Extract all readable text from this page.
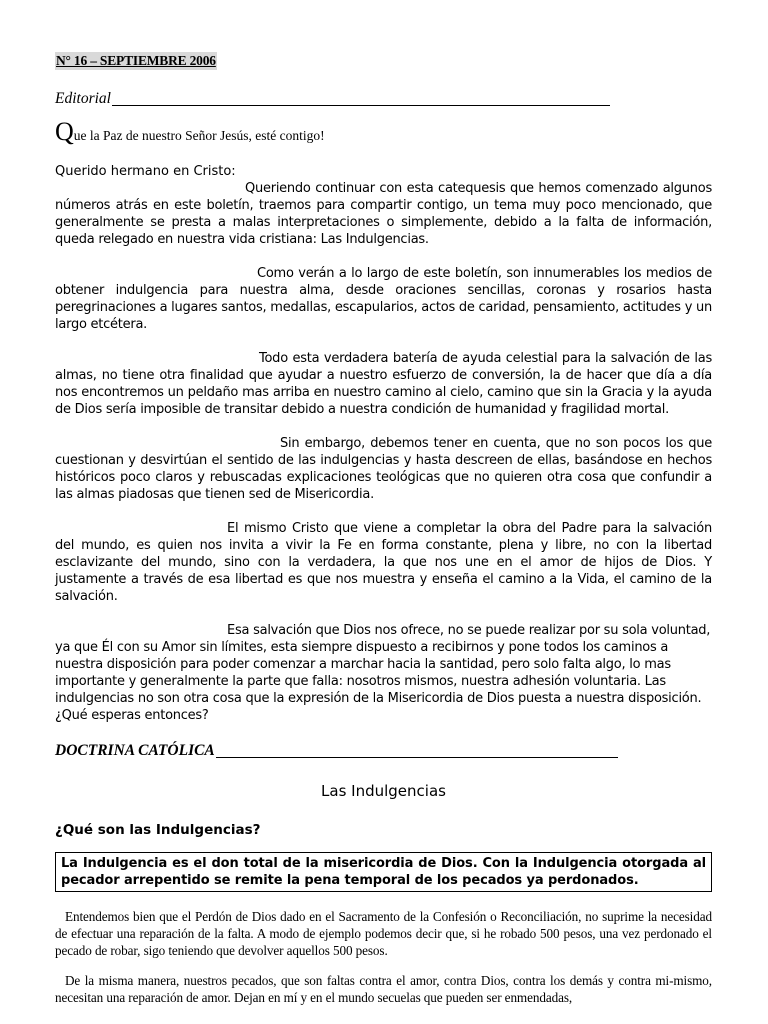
N° 16 – SEPTIEMBRE 2006
Editorial
Que la Paz de nuestro Señor Jesús, esté contigo!
Querido hermano en Cristo:

Queriendo continuar con esta catequesis que hemos comenzado algunos números atrás en este boletín, traemos para compartir contigo, un tema muy poco mencionado, que generalmente se presta a malas interpretaciones o simplemente, debido a la falta de información, queda relegado en nuestra vida cristiana: Las Indulgencias.

Como verán a lo largo de este boletín, son innumerables los medios de obtener indulgencia para nuestra alma, desde oraciones sencillas, coronas y rosarios hasta peregrinaciones a lugares santos, medallas, escapularios, actos de caridad, pensamiento, actitudes y un largo etcétera.

Todo esta verdadera batería de ayuda celestial para la salvación de las almas, no tiene otra finalidad que ayudar a nuestro esfuerzo de conversión, la de hacer que día a día nos encontremos un peldaño mas arriba en nuestro camino al cielo, camino que sin la Gracia y la ayuda de Dios sería imposible de transitar debido a nuestra condición de humanidad y fragilidad mortal.

Sin embargo, debemos tener en cuenta, que no son pocos los que cuestionan y desvirtúan el sentido de las indulgencias y hasta descreen de ellas, basándose en hechos históricos poco claros y rebuscadas explicaciones teológicas que no quieren otra cosa que confundir a las almas piadosas que tienen sed de Misericordia.

El mismo Cristo que viene a completar la obra del Padre para la salvación del mundo, es quien nos invita a vivir la Fe en forma constante, plena y libre, no con la libertad esclavizante del mundo, sino con la verdadera, la que nos une en el amor de hijos de Dios. Y justamente a través de esa libertad es que nos muestra y enseña el camino a la Vida, el camino de la salvación.

Esa salvación que Dios nos ofrece, no se puede realizar por su sola voluntad, ya que Él con su Amor sin límites, esta siempre dispuesto a recibirnos y pone todos los caminos a nuestra disposición para poder comenzar a marchar hacia la santidad, pero solo falta algo, lo mas importante y generalmente la parte que falla: nosotros mismos, nuestra adhesión voluntaria. Las indulgencias no son otra cosa que la expresión de la Misericordia de Dios puesta a nuestra disposición. ¿Qué esperas entonces?

DOCTRINA CATÓLICA
Las Indulgencias
¿Qué son las Indulgencias?
La Indulgencia es el don total de la misericordia de Dios. Con la Indulgencia otorgada al pecador arrepentido se remite la pena temporal de los pecados ya perdonados.

Entendemos bien que el Perdón de Dios dado en el Sacramento de la Confesión o Reconciliación, no suprime la necesidad de efectuar una reparación de la falta. A modo de ejemplo podemos decir que, si he robado 500 pesos, una vez perdonado el pecado de robar, sigo teniendo que devolver aquellos 500 pesos.

De la misma manera, nuestros pecados, que son faltas contra el amor, contra Dios, contra los demás y contra mi-mismo, necesitan una reparación de amor. Dejan en mí y en el mundo secuelas que pueden ser enmendadas,
